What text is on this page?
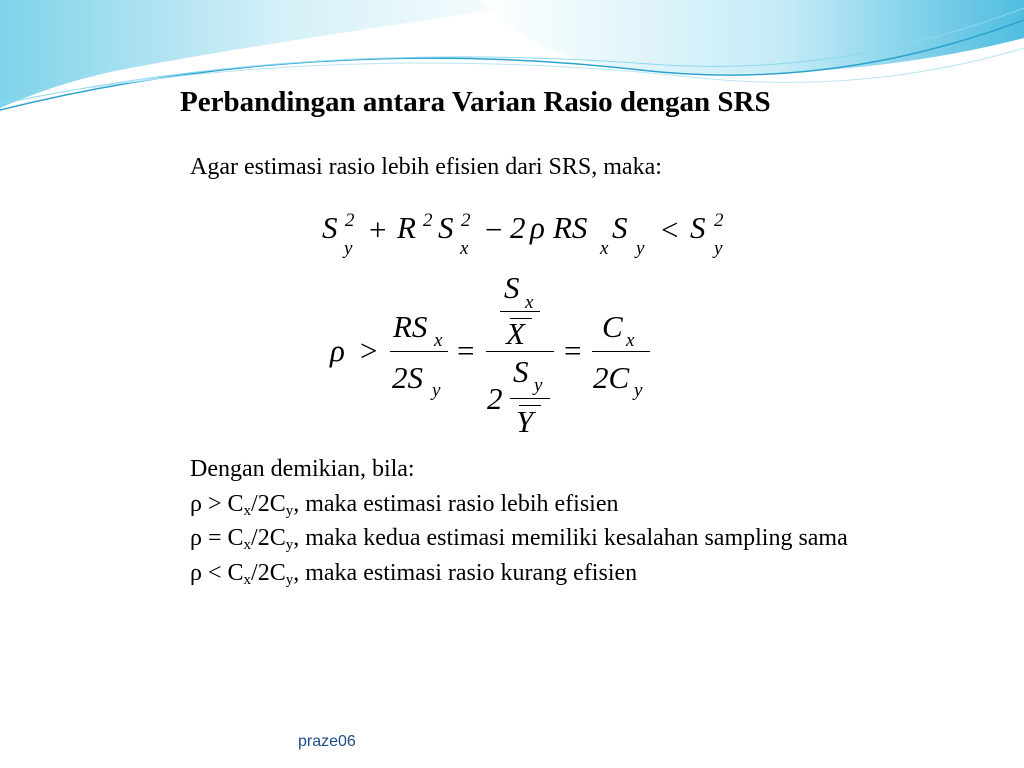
Perbandingan antara Varian Rasio dengan SRS
Agar estimasi rasio lebih efisien dari SRS, maka:
S 2
y
+ R 2 S 2
x
− 2 ρ RS
x
S
y
< S 2
y
ρ >
RS x
2S y
=
S x
X
2
S y
Y
=
C x
2C y
Dengan demikian, bila:
$\rho > C_x/2C_y$, maka estimasi rasio lebih efisien
$\rho = C_x/2C_y$, maka kedua estimasi memiliki kesalahan sampling sama
$\rho < C_x/2C_y$, maka estimasi rasio kurang efisien
praze06
